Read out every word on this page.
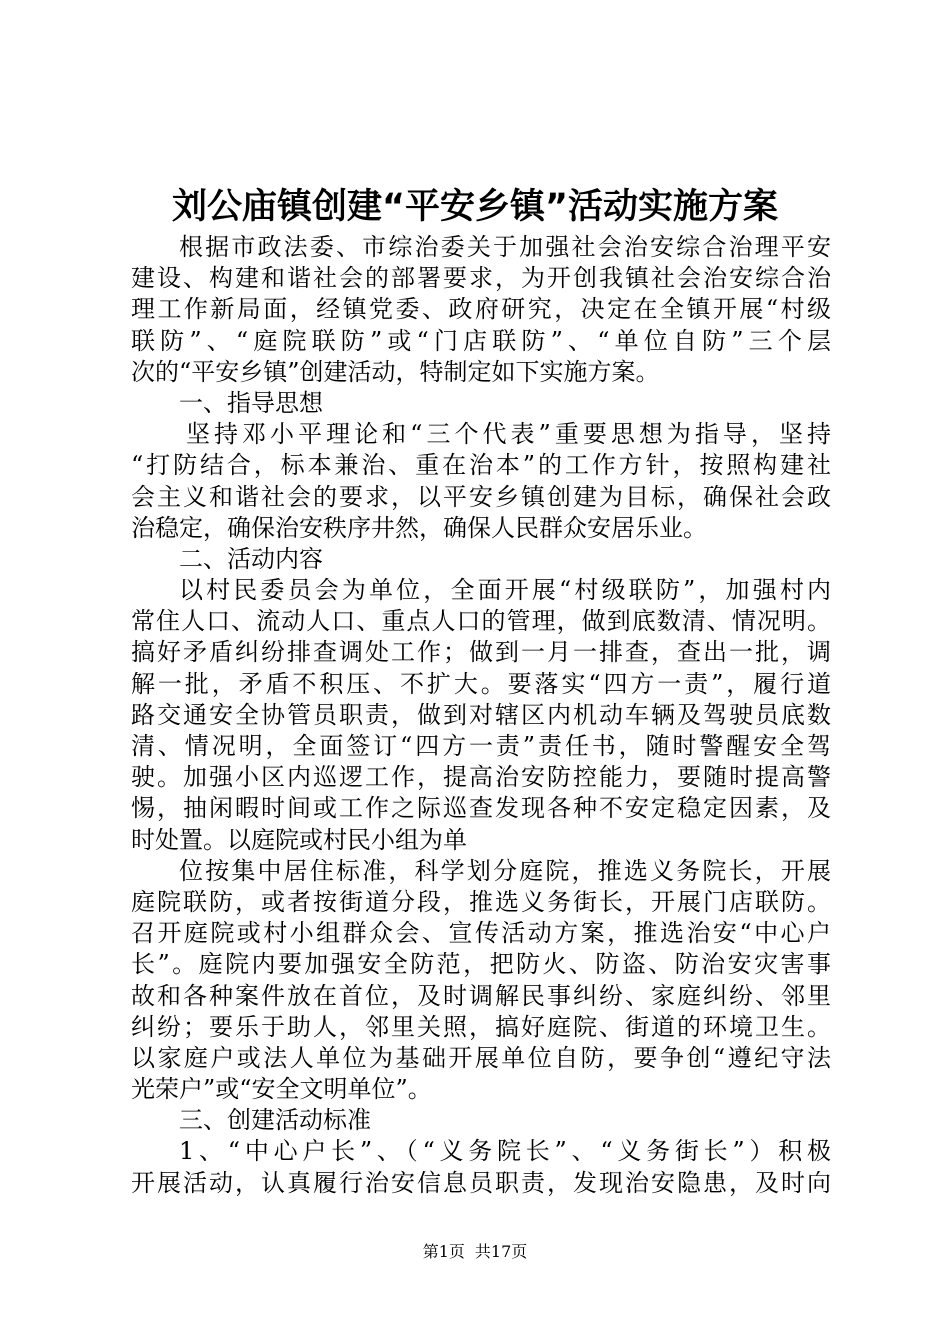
刘公庙镇创建“平安乡镇”活动实施方案
根据市政法委、市综治委关于加强社会治安综合治理平安
建设、构建和谐社会的部署要求，为开创我镇社会治安综合治
理工作新局面，经镇党委、政府研究，决定在全镇开展“村级
联防”、“庭院联防”或“门店联防”、“单位自防”三个层
次的“平安乡镇”创建活动，特制定如下实施方案。
一、指导思想
坚持邓小平理论和“三个代表”重要思想为指导，坚持
“打防结合，标本兼治、重在治本”的工作方针，按照构建社
会主义和谐社会的要求，以平安乡镇创建为目标，确保社会政
治稳定，确保治安秩序井然，确保人民群众安居乐业。
二、活动内容
以村民委员会为单位，全面开展“村级联防”，加强村内
常住人口、流动人口、重点人口的管理，做到底数清、情况明。
搞好矛盾纠纷排查调处工作；做到一月一排查，查出一批，调
解一批，矛盾不积压、不扩大。要落实“四方一责”，履行道
路交通安全协管员职责，做到对辖区内机动车辆及驾驶员底数
清、情况明，全面签订“四方一责”责任书，随时警醒安全驾
驶。加强小区内巡逻工作，提高治安防控能力，要随时提高警
惕，抽闲暇时间或工作之际巡查发现各种不安定稳定因素，及
时处置。以庭院或村民小组为单
位按集中居住标准，科学划分庭院，推选义务院长，开展
庭院联防，或者按街道分段，推选义务街长，开展门店联防。
召开庭院或村小组群众会、宣传活动方案，推选治安“中心户
长”。庭院内要加强安全防范，把防火、防盗、防治安灾害事
故和各种案件放在首位，及时调解民事纠纷、家庭纠纷、邻里
纠纷；要乐于助人，邻里关照，搞好庭院、街道的环境卫生。
以家庭户或法人单位为基础开展单位自防，要争创“遵纪守法
光荣户”或“安全文明单位”。
三、创建活动标准
1、“中心户长”、（“义务院长”、“义务街长”）积极
开展活动，认真履行治安信息员职责，发现治安隐患，及时向
第1页 共17页
